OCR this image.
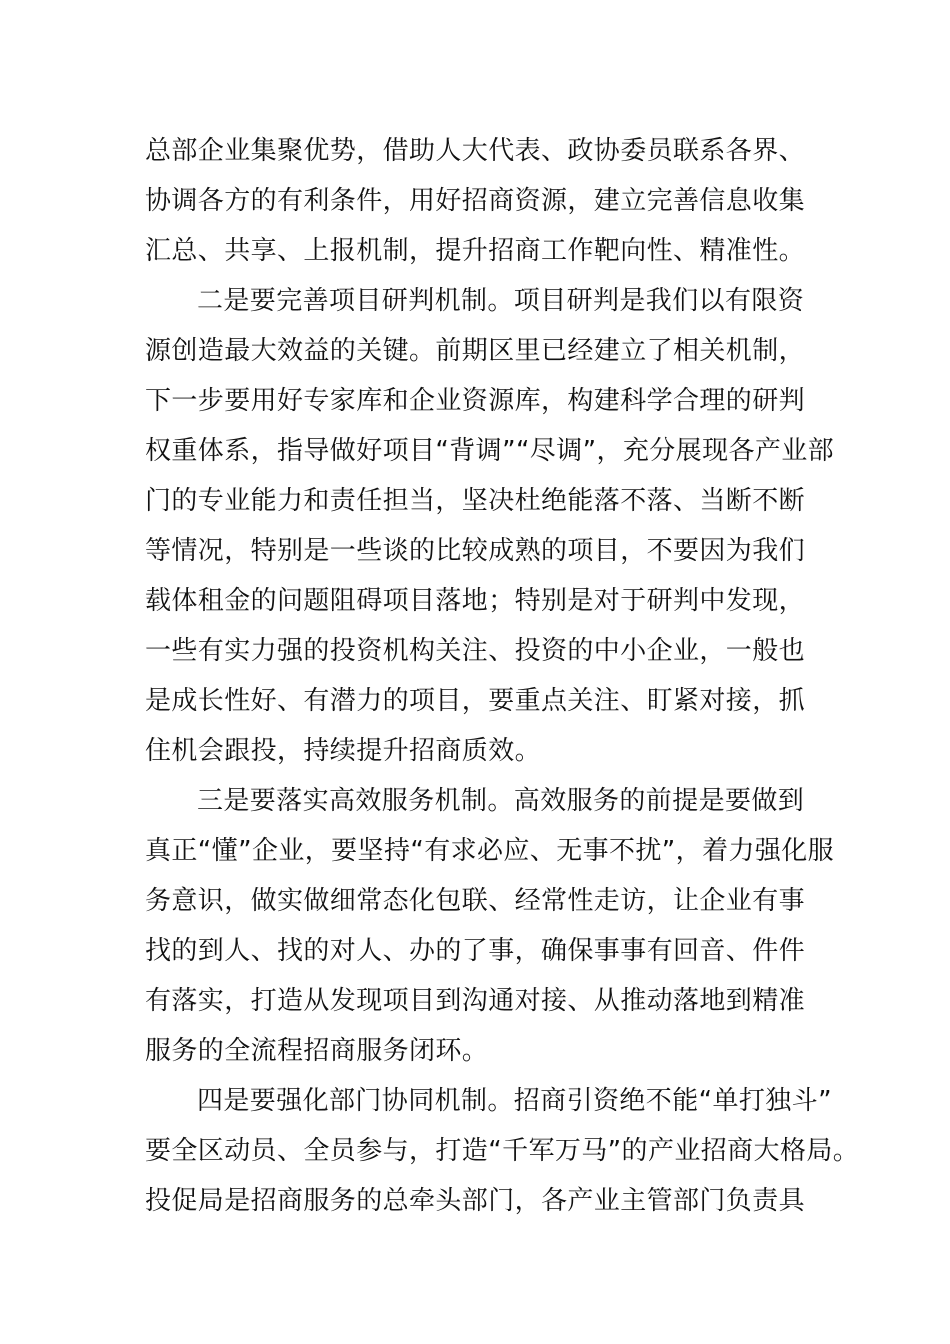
总部企业集聚优势，借助人大代表、政协委员联系各界、
协调各方的有利条件，用好招商资源，建立完善信息收集
汇总、共享、上报机制，提升招商工作靶向性、精准性。
二是要完善项目研判机制。项目研判是我们以有限资
源创造最大效益的关键。前期区里已经建立了相关机制，
下一步要用好专家库和企业资源库，构建科学合理的研判
权重体系，指导做好项目“背调”“尽调”，充分展现各产业部
门的专业能力和责任担当，坚决杜绝能落不落、当断不断
等情况，特别是一些谈的比较成熟的项目，不要因为我们
载体租金的问题阻碍项目落地；特别是对于研判中发现，
一些有实力强的投资机构关注、投资的中小企业，一般也
是成长性好、有潜力的项目，要重点关注、盯紧对接，抓
住机会跟投，持续提升招商质效。
三是要落实高效服务机制。高效服务的前提是要做到
真正“懂”企业，要坚持“有求必应、无事不扰”，着力强化服
务意识，做实做细常态化包联、经常性走访，让企业有事
找的到人、找的对人、办的了事，确保事事有回音、件件
有落实，打造从发现项目到沟通对接、从推动落地到精准
服务的全流程招商服务闭环。
四是要强化部门协同机制。招商引资绝不能“单打独斗”
要全区动员、全员参与，打造“千军万马”的产业招商大格局。
投促局是招商服务的总牵头部门，各产业主管部门负责具
